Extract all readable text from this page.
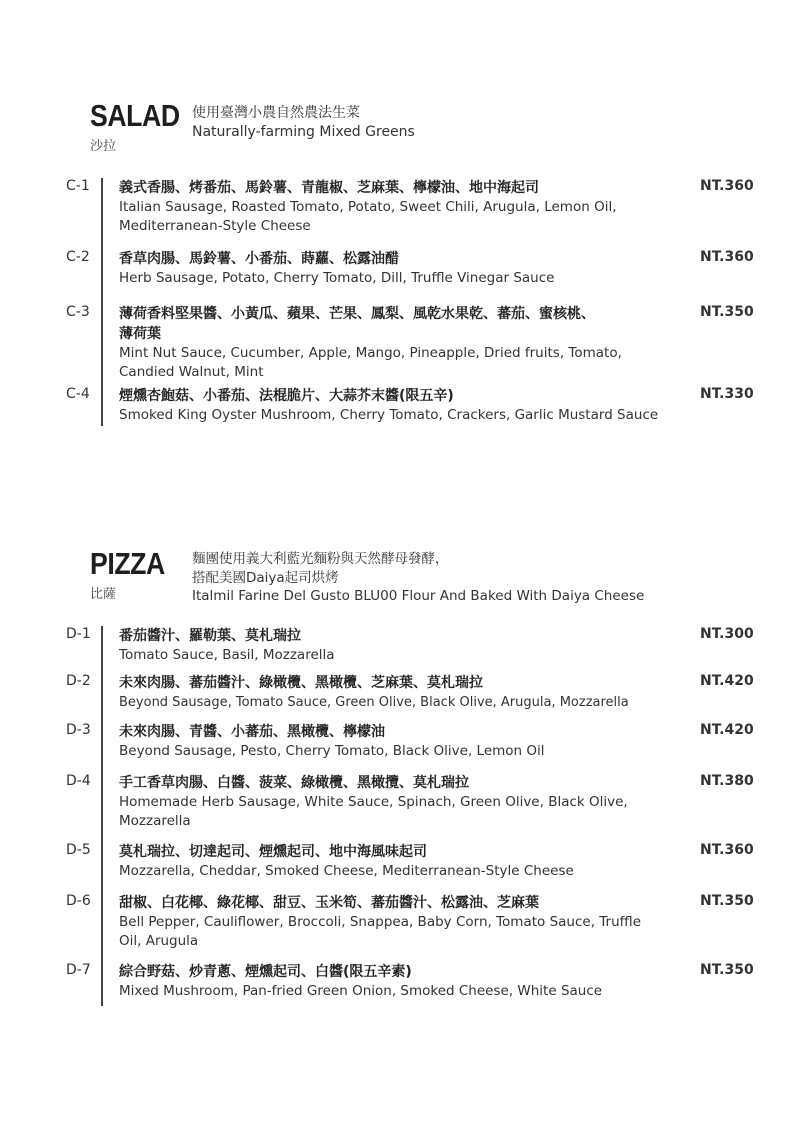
SALAD
沙拉
使用臺灣小農自然農法生菜
Naturally-farming Mixed Greens
C-1 義式香腸、烤番茄、馬鈴薯、青龍椒、芝麻葉、檸檬油、地中海起司
Italian Sausage, Roasted Tomato, Potato, Sweet Chili, Arugula, Lemon Oil, Mediterranean-Style Cheese
NT.360
C-2 香草肉腸、馬鈴薯、小番茄、蒔蘿、松露油醋
Herb Sausage, Potato, Cherry Tomato, Dill, Truffle Vinegar Sauce
NT.360
C-3 薄荷香料堅果醬、小黃瓜、蘋果、芒果、鳳梨、風乾水果乾、蕃茄、蜜核桃、薄荷葉
Mint Nut Sauce, Cucumber, Apple, Mango, Pineapple, Dried fruits, Tomato, Candied Walnut, Mint
NT.350
C-4 煙燻杏鮑菇、小番茄、法棍脆片、大蒜芥末醬(限五辛)
Smoked King Oyster Mushroom, Cherry Tomato, Crackers, Garlic Mustard Sauce
NT.330
PIZZA
比薩
麵團使用義大利藍光麵粉與天然酵母發酵，
搭配美國Daiya起司烘烤
Italmil Farine Del Gusto BLU00 Flour And Baked With Daiya Cheese
D-1 番茄醬汁、羅勒葉、莫札瑞拉
Tomato Sauce, Basil, Mozzarella
NT.300
D-2 未來肉腸、蕃茄醬汁、綠橄欖、黑橄欖、芝麻葉、莫札瑞拉
Beyond Sausage, Tomato Sauce, Green Olive, Black Olive, Arugula, Mozzarella
NT.420
D-3 未來肉腸、青醬、小蕃茄、黑橄欖、檸檬油
Beyond Sausage, Pesto, Cherry Tomato, Black Olive, Lemon Oil
NT.420
D-4 手工香草肉腸、白醬、菠菜、綠橄欖、黑橄攬、莫札瑞拉
Homemade Herb Sausage, White Sauce, Spinach, Green Olive, Black Olive, Mozzarella
NT.380
D-5 莫札瑞拉、切達起司、煙燻起司、地中海風味起司
Mozzarella, Cheddar, Smoked Cheese, Mediterranean-Style Cheese
NT.360
D-6 甜椒、白花椰、綠花椰、甜豆、玉米筍、蕃茄醬汁、松露油、芝麻葉
Bell Pepper, Cauliflower, Broccoli, Snappea, Baby Corn, Tomato Sauce, Truffle Oil, Arugula
NT.350
D-7 綜合野菇、炒青蔥、煙燻起司、白醬(限五辛素)
Mixed Mushroom, Pan-fried Green Onion, Smoked Cheese, White Sauce
NT.350
